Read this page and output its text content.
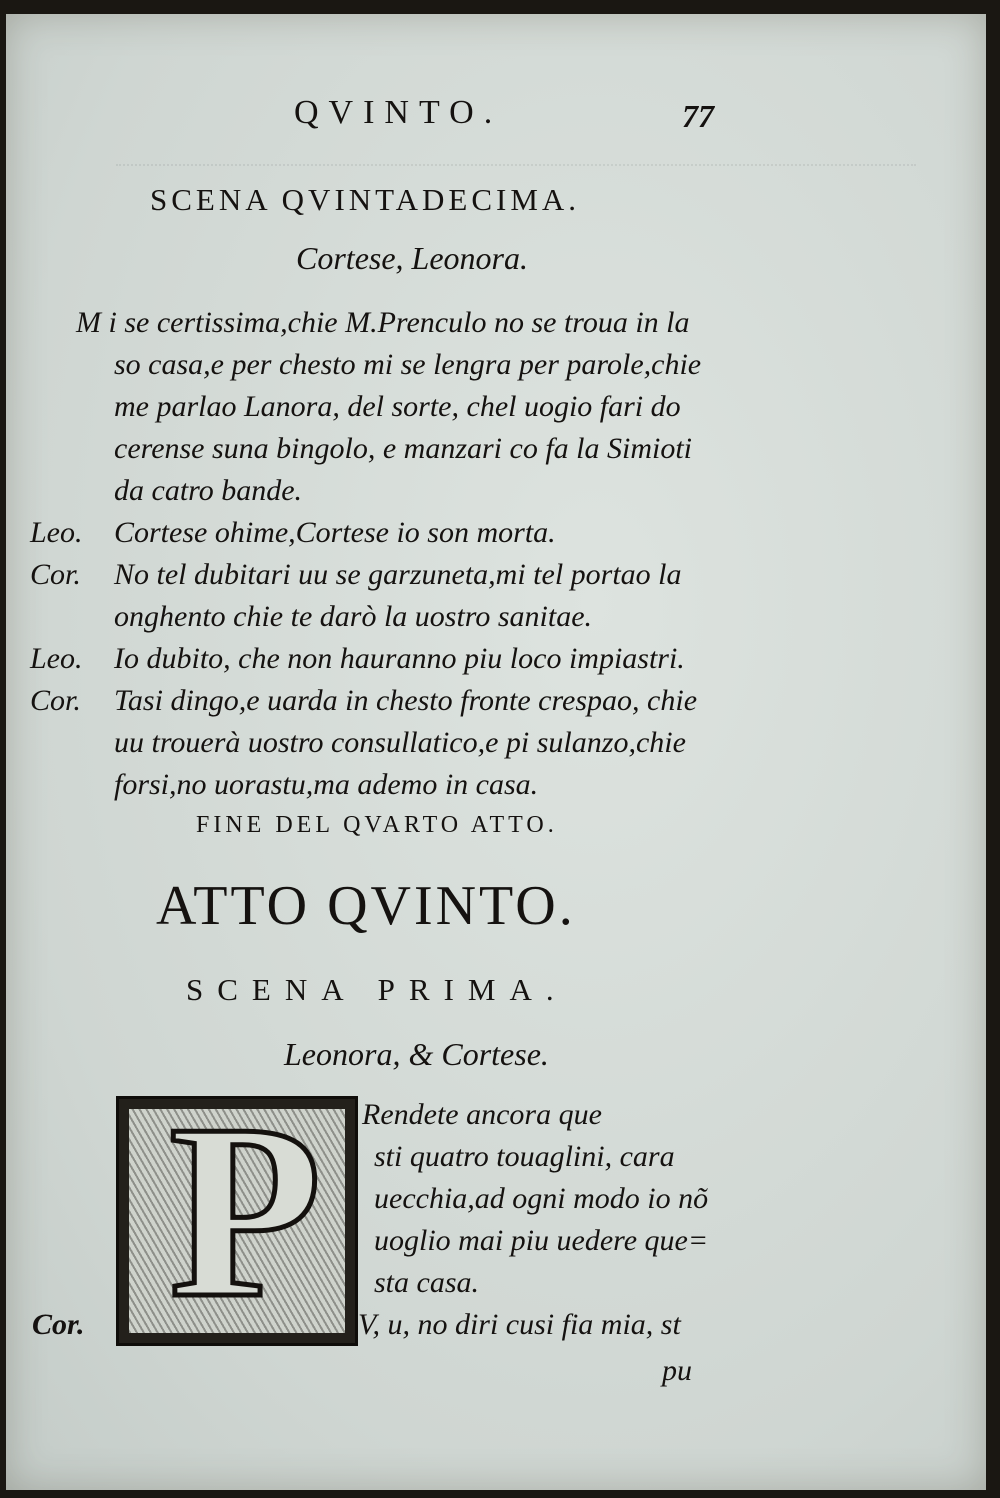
QVINTO.	77
SCENA QVINTADECIMA.
Cortese, Leonora.
M i se certissima,chie M.Prenculo no se troua in la
so casa,e per chesto mi se lengra per parole,chie
me parlao Lanora, del sorte, chel uogio fari do
cerense suna bingolo, e manzari co fa la Simioti
da catro bande.
Leo. Cortese ohime,Cortese io son morta.
Cor. No tel dubitari uu se garzuneta,mi tel portao la
onghento chie te darò la uostro sanitae.
Leo. Io dubito, che non hauranno piu loco impiastri.
Cor. Tasi dingo,e uarda in chesto fronte crespao, chie
uu trouerà uostro consullatico,e pi sulanzo,chie
forsi,no uorastu,ma ademo in casa.
FINE DEL QVARTO ATTO.
ATTO QVINTO.
SCENA PRIMA.
Leonora, & Cortese.
P Rendete ancora que
sti quatro touaglini, cara
uecchia,ad ogni modo io nõ
uoglio mai piu uedere que=
sta casa.
Cor.	V, u, no diri cusi fia mia, st
pu
